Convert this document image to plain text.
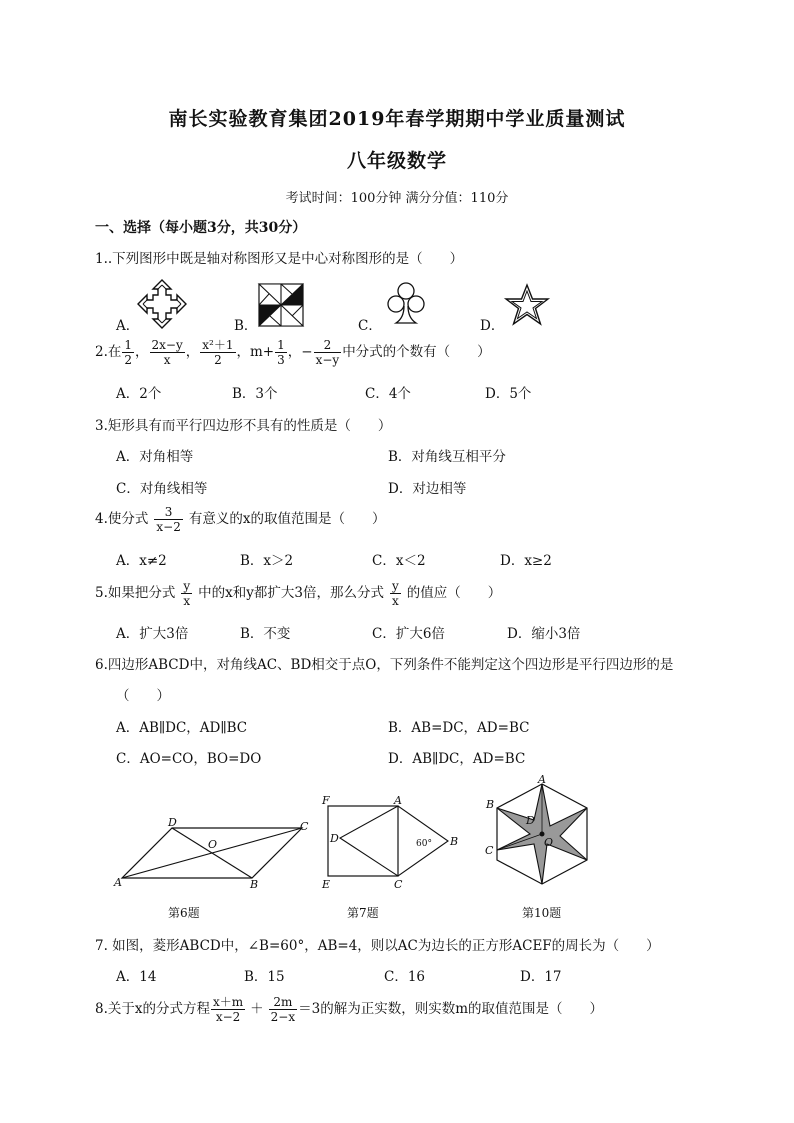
南长实验教育集团2019年春学期期中学业质量测试
八年级数学
考试时间：100分钟 满分分值：110分
一、选择（每小题3分，共30分）
1..下列图形中既是轴对称图形又是中心对称图形的是（　　）
A．	B．	C．	D．
2.在 $\frac{1}{2}$ ， $\frac{2x-y}{x}$ ， $\frac{\text{x²＋1}}{2}$ ，$m+ \frac{1}{3}$ ，− $\frac{2}{x-y}$ 中分式的个数有（　　）
A．2个	B．3个	C．4个	D．5个
3.矩形具有而平行四边形不具有的性质是（　　）
A．对角相等	B．对角线互相平分
C．对角线相等	D．对边相等
4.使分式 $\frac{3}{x-2}$ 有意义的x的取值范围是（　　）
A．x≠2	B．x＞2	C．x＜2	D．x≥2
5.如果把分式 $\frac{y}{x}$ 中的x和y都扩大3倍，那么分式 $\frac{y}{x}$ 的值应（　　）
A．扩大3倍	B．不变	C．扩大6倍	D．缩小3倍
6.四边形ABCD中，对角线AC、BD相交于点O，下列条件不能判定这个四边形是平行四边形的是
（　　）
A．AB∥DC，AD∥BC	B．AB=DC，AD=BC
C．AO=CO，BO=DO	D．AB∥DC，AD=BC
D	C
O
A	B
F	A
D	60° B
E	C
A
B
D
C
O
第6题	第7题	第10题
7. 如图，菱形ABCD中，∠B=60°，AB=4，则以AC为边长的正方形ACEF的周长为（　　）
A．14	B．15	C．16	D．17
8.关于x的分式方程 $\frac{x+m}{x-2} + \frac{2m}{2-x} =3$的解为正实数，则实数m的取值范围是（　　）
